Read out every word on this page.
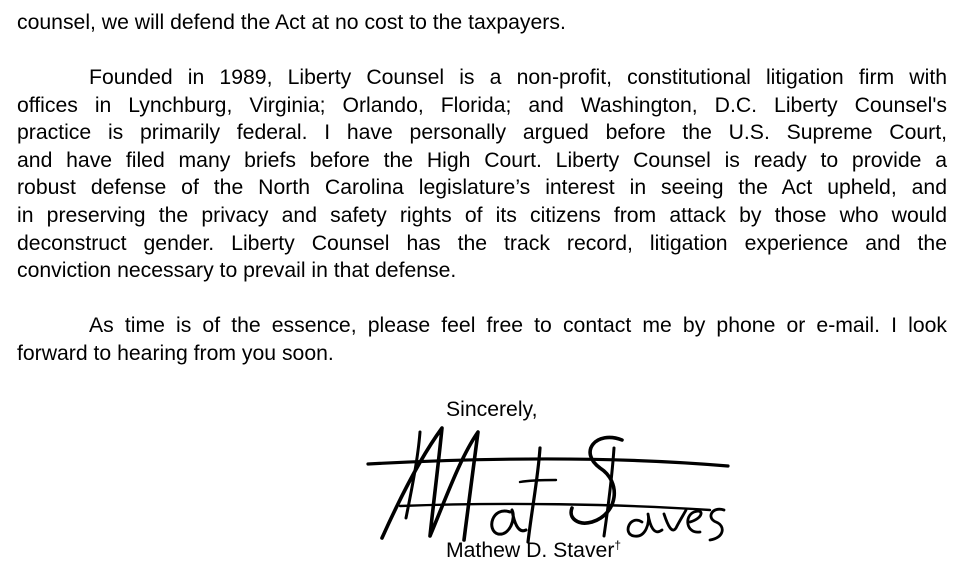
counsel, we will defend the Act at no cost to the taxpayers.

Founded in 1989, Liberty Counsel is a non-profit, constitutional litigation firm with
offices in Lynchburg, Virginia; Orlando, Florida; and Washington, D.C. Liberty Counsel's
practice is primarily federal. I have personally argued before the U.S. Supreme Court,
and have filed many briefs before the High Court. Liberty Counsel is ready to provide a
robust defense of the North Carolina legislature’s interest in seeing the Act upheld, and
in preserving the privacy and safety rights of its citizens from attack by those who would
deconstruct gender. Liberty Counsel has the track record, litigation experience and the
conviction necessary to prevail in that defense.

As time is of the essence, please feel free to contact me by phone or e-mail. I look
forward to hearing from you soon.

Sincerely,

Mathew D. Staver†
